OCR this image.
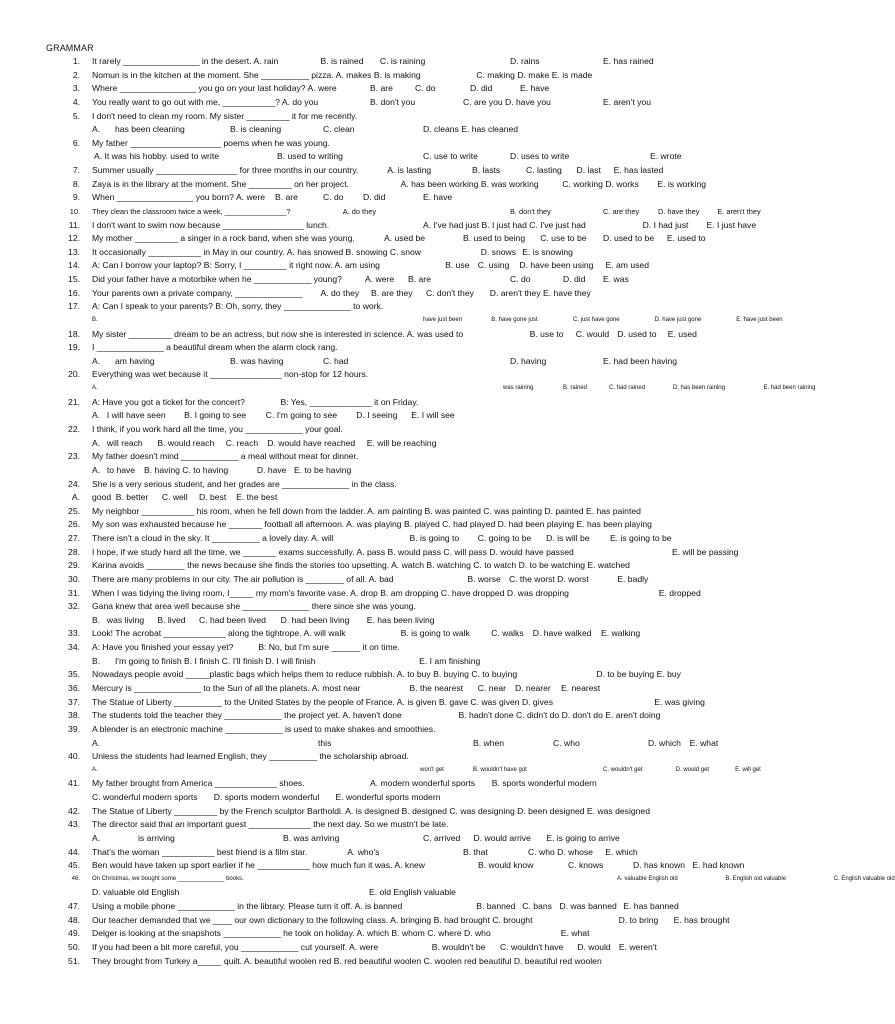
GRAMMAR
1. It rarely ________________ in the desert. A. rain	B. is rained C. is raining	D. rains	E. has rained
2. Nomun is in the kitchen at the moment. She __________ pizza. A. makes B. is making	C. making D. make E. is made
3. Where ________________ you go on your last holiday? A. were	B. are	C. do	D. did	E. have
4. You really want to go out with me, ___________? A. do you	B. don't you	C. are you D. have you	E. aren't you
5. I don't need to clean my room. My sister _________ it for me recently.
A. has been cleaning	B. is cleaning	C. clean	D. cleans E. has cleaned
6. My father ___________________ poems when he was young.
A. It was his hobby. used to write	B. used to writing	C. use to write	D. uses to write	E. wrote
7. Summer usually _________________ for three months in our country.	A. is lasting	B. lasts	C. lasting D. last E. has lasted
8. Zaya is in the library at the moment. She _________ on her project.	A. has been working B. was working	C. working D. works E. is working
9. When ________________ you born? A. were B. are	C. do D. did	E. have
10. They clean the classroom twice a week, _______________?	A. do they	B. don't they	C. are they	D. have they E. aren't they
11. I don't want to swim now because _________________ lunch.	A. I've had just B. I just had C. I've just had	D. I had just E. I just have
12. My mother _________ a singer in a rock band, when she was young.	A. used be	B. used to being C. use to be D. used to be E. used to
13. It occasionally ___________ in May in our country. A. has snowed B. snowing C. snow	D. snows E. is snowing
14. A: Can I borrow your laptop? B: Sorry, I _________ it right now. A. am using	B. use C. using D. have been using E. am used
15. Did your father have a motorbike when he ____________ young?	A. were B. are	C. do	D. did E. was
16. Your parents own a private company, ______________ A. do they B. are they C. don't they D. aren't they E. have they
17. A: Can I speak to your parents? B: Oh, sorry, they ______________ to work.
B.	have just been	B. have gone just	C. just have gone	D. have just gone	E. have just been
18. My sister _________ dream to be an actress, but now she is interested in science. A. was used to	B. use to C. would D. used to E. used
19. I ______________ a beautiful dream when the alarm clock rang.
A. am having	B. was having	C. had	D. having	E. had been having
20. Everything was wet because it _______________ non-stop for 12 hours.
A.	was raining	B. rained	C. had rained	D. has been raining	E. had been raining
21. A: Have you got a ticket for the concert?	B: Yes, _____________ it on Friday.
A. I will have seen B. I going to see C. I'm going to see D. I seeing E. I will see
22. I think, if you work hard all the time, you ____________ your goal.
A. will reach B. would reach C. reach D. would have reached E. will be reaching
23. My father doesn't mind ____________ a meal without meat for dinner.
A. to have B. having C. to having	D. have E. to be having
24. She is a very serious student, and her grades are ______________ in the class.
A. good B. better C. well D. best E. the best
25. My neighbor ___________ his room, when he fell down from the ladder. A. am painting B. was painted C. was painting D. painted E. has painted
26. My son was exhausted because he _______ football all afternoon. A. was playing B. played C. had played D. had been playing E. has been playing
27. There isn't a cloud in the sky. It __________ a lovely day. A. will	B. is going to C. going to be D. is will be E. is going to be
28. I hope, if we study hard all the time, we _______ exams successfully. A. pass B. would pass C. will pass D. would have passed	E. will be passing
29. Karina avoids ________ the news because she finds the stories too upsetting. A. watch B. watching C. to watch D. to be watching E. watched
30. There are many problems in our city. The air pollution is ________ of all. A. bad	B. worse C. the worst D. worst	E. badly
31. When I was tidying the living room, I_____ my mom's favorite vase. A. drop B. am dropping C. have dropped D. was dropping	E. dropped
32. Gana knew that area well because she ______________ there since she was young.
B. was living B. lived C. had been lived D. had been living E. has been living
33. Look! The acrobat _____________ along the tightrope. A. will walk	B. is going to walk C. walks D. have walked E. walking
34. A: Have you finished your essay yet?	B: No, but I'm sure ______ it on time.
B. I'm going to finish B. I finish C. I'll finish D. I will finish	E. I am finishing
35. Nowadays people avoid _____plastic bags which helps them to reduce rubbish. A. to buy B. buying C. to buying	D. to be buying E. buy
36. Mercury is ______________ to the Sun of all the planets. A. most near	B. the nearest C. near D. nearer E. nearest
37. The Statue of Liberty __________ to the United States by the people of France. A. is given B. gave C. was given D. gives	E. was giving
38. The students told the teacher they ____________ the project yet. A. haven't done	B. hadn't done C. didn't do D. don't do E. aren't doing
39. A blender is an electronic machine ____________ is used to make shakes and smoothies.
A.	this	B. when	C. who	D. which E. what
40. Unless the students had learned English, they __________ the scholarship abroad.
A.	won't get	B. wouldn't have got	C. wouldn't get	D. would get	E. will get
41. My father brought from America _____________ shoes.	A. modern wonderful sports B. sports wonderful modern
C. wonderful modern sports D. sports modern wonderful E. wonderful sports modern
42. The Statue of Liberty _________ by the French sculptor Bartholdi. A. is designed B. designed C. was designing D. been designed E. was designed
43. The director said that an important guest _____________ the next day. So we mustn't be late.
A.	is arriving	B. was arriving	C. arrived D. would arrive E. is going to arrive
44. That's the woman ___________ best friend is a film star.	A. who's	B. that	C. who D. whose E. which
45. Ben would have taken up sport earlier if he ___________ how much fun it was. A. knew	B. would know	C. knows	D. has known E. had known
46. On Christmas, we bought some ______________ books.	A. valuable English old	B. English old valuable	C. English valuable old
D. valuable old English	E. old English valuable
47. Using a mobile phone ____________ in the library. Please turn it off. A. is banned	B. banned C. bans D. was banned E. has banned
48. Our teacher demanded that we ____ our own dictionary to the following class. A. bringing B. had brought C. brought	D. to bring E. has brought
49. Delger is looking at the snapshots ____________ he took on holiday. A. which B. whom C. where D. who	E. what
50. If you had been a bit more careful, you ____________ cut yourself. A. were	B. wouldn't be C. wouldn't have D. would E. weren't
51. They brought from Turkey a_____ quilt. A. beautiful woolen red B. red beautiful woolen C. woolen red beautiful D. beautiful red woolen
